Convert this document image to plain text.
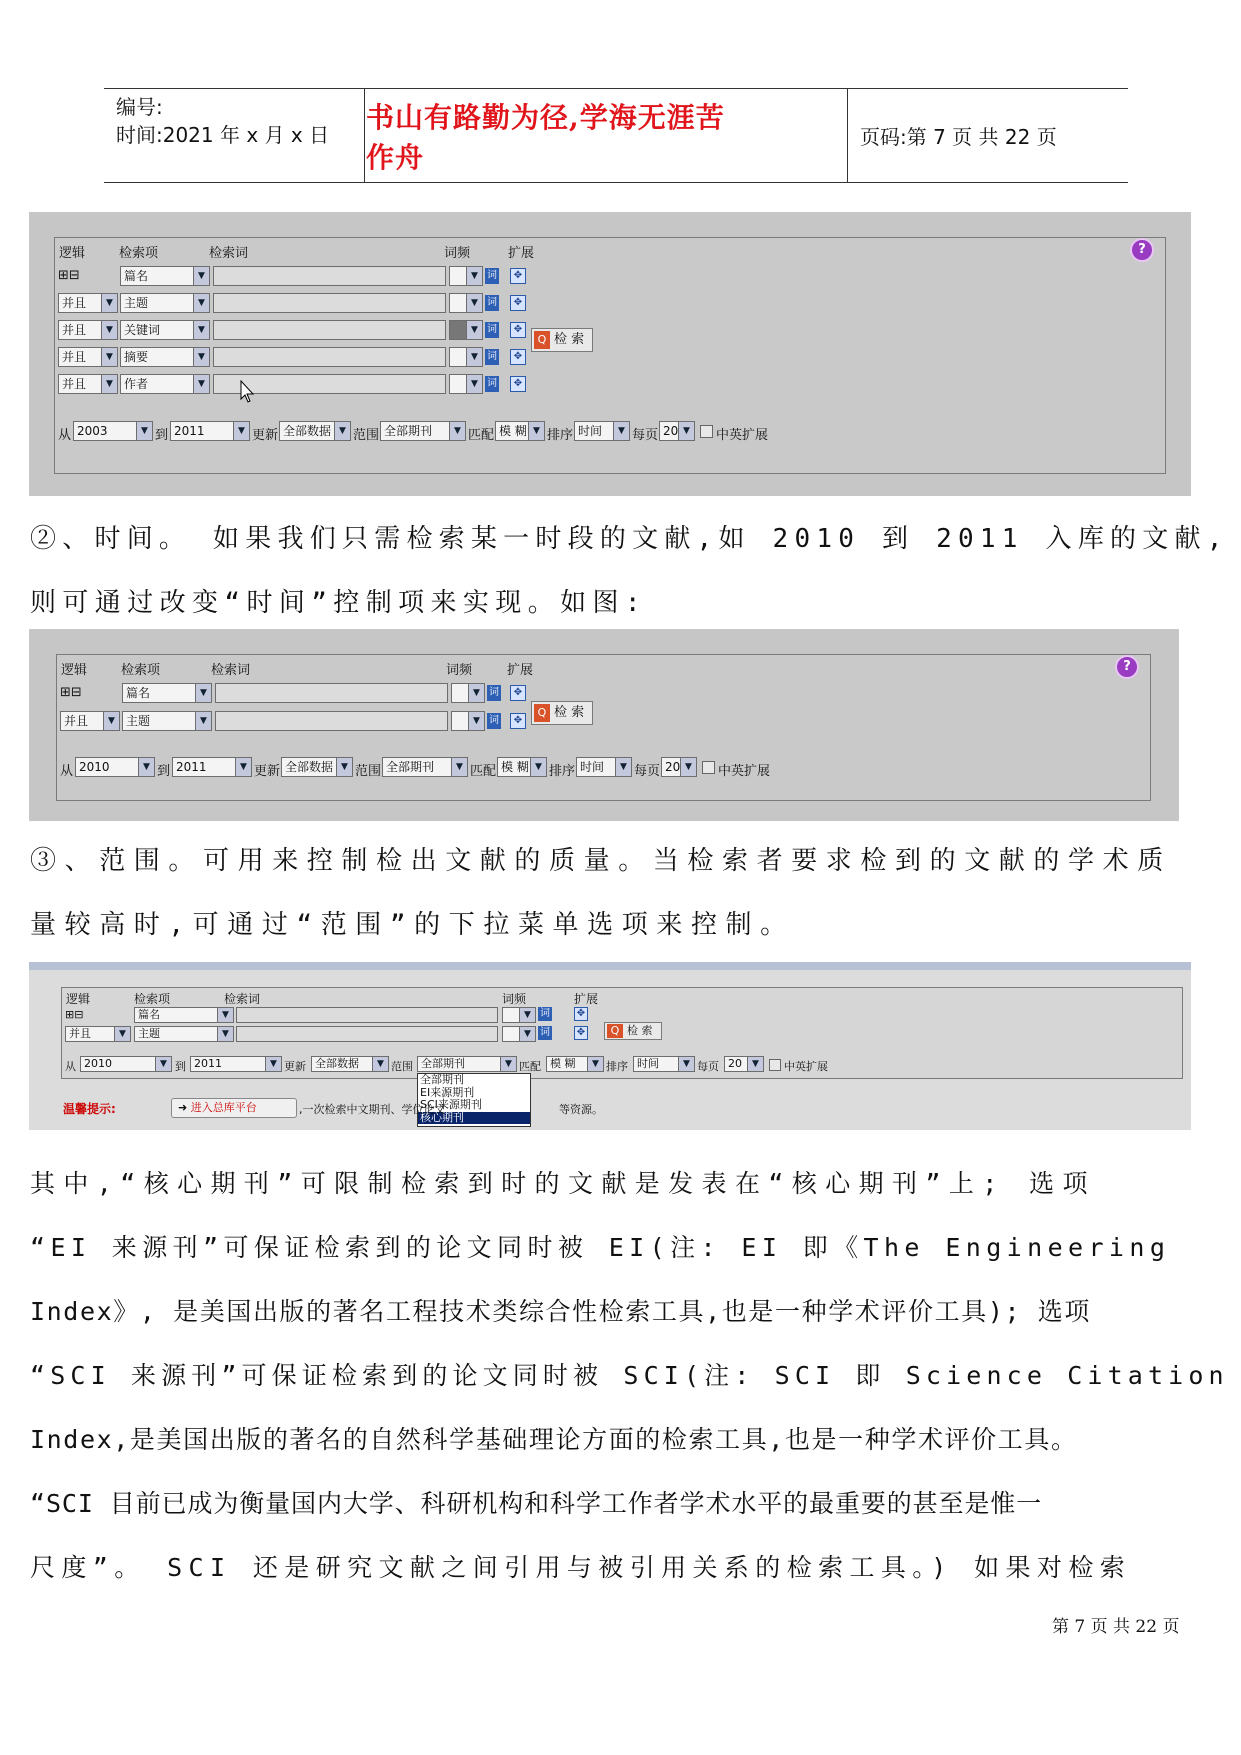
编号:
时间:2021 年 x 月 x 日
书山有路勤为径,学海无涯苦作舟
页码:第 7 页 共 22 页
逻辑	检索项	检索词	词频	扩展	?
⊞⊟	篇名	▼	▼ 词	✥
并且	▼ 主题	▼	▼ 词	✥
并且	▼ 关键词	▼	▼ 词	✥
Q 检 索
并且	▼ 摘要	▼	▼ 词	✥
并且	▼ 作者	▼	▼ 词	✥
从 2003	▼ 到 2011	▼ 更新 全部数据 ▼ 范围 全部期刊	▼ 匹配 模 糊 ▼ 排序 时间	▼ 每页 20 ▼	中英扩展
②、时间。 如果我们只需检索某一时段的文献,如 2010 到 2011 入库的文献,
则可通过改变“时间”控制项来实现。如图:
逻辑	检索项	检索词	词频	扩展	?
⊞⊟	篇名	▼	▼ 词	✥
并且	▼ 主题	▼	▼ 词	✥
Q 检 索
从 2010	▼ 到 2011	▼ 更新 全部数据 ▼ 范围 全部期刊	▼ 匹配 模 糊 ▼ 排序 时间	▼ 每页 20 ▼	中英扩展
③、范围。可用来控制检出文献的质量。当检索者要求检到的文献的学术质
量较高时,可通过“范围”的下拉菜单选项来控制。
逻辑	检索项	检索词	词频	扩展
⊞⊟	篇名	▼	▼ 词	✥
并且	▼	主题	▼	▼ 词	✥	Q 检 索
从 2010	▼ 到 2011	▼ 更新 全部数据	▼ 范围 全部期刊	▼ 匹配 模 糊	▼ 排序 时间	▼ 每页 20	▼	中英扩展
全部期刊
EI来源期刊
SCI来源期刊
核心期刊
温馨提示:	➜ 进入总库平台	,一次检索中文期刊、学位论文	等资源。
其中,“核心期刊”可限制检索到时的文献是发表在“核心期刊”上; 选项
“EI 来源刊”可保证检索到的论文同时被 EI(注: EI 即《The Engineering
Index》, 是美国出版的著名工程技术类综合性检索工具,也是一种学术评价工具); 选项
“SCI 来源刊”可保证检索到的论文同时被 SCI(注: SCI 即 Science Citation
Index,是美国出版的著名的自然科学基础理论方面的检索工具,也是一种学术评价工具。
“SCI 目前已成为衡量国内大学、科研机构和科学工作者学术水平的最重要的甚至是惟一
尺度”。 SCI 还是研究文献之间引用与被引用关系的检索工具。) 如果对检索
第 7 页 共 22 页
